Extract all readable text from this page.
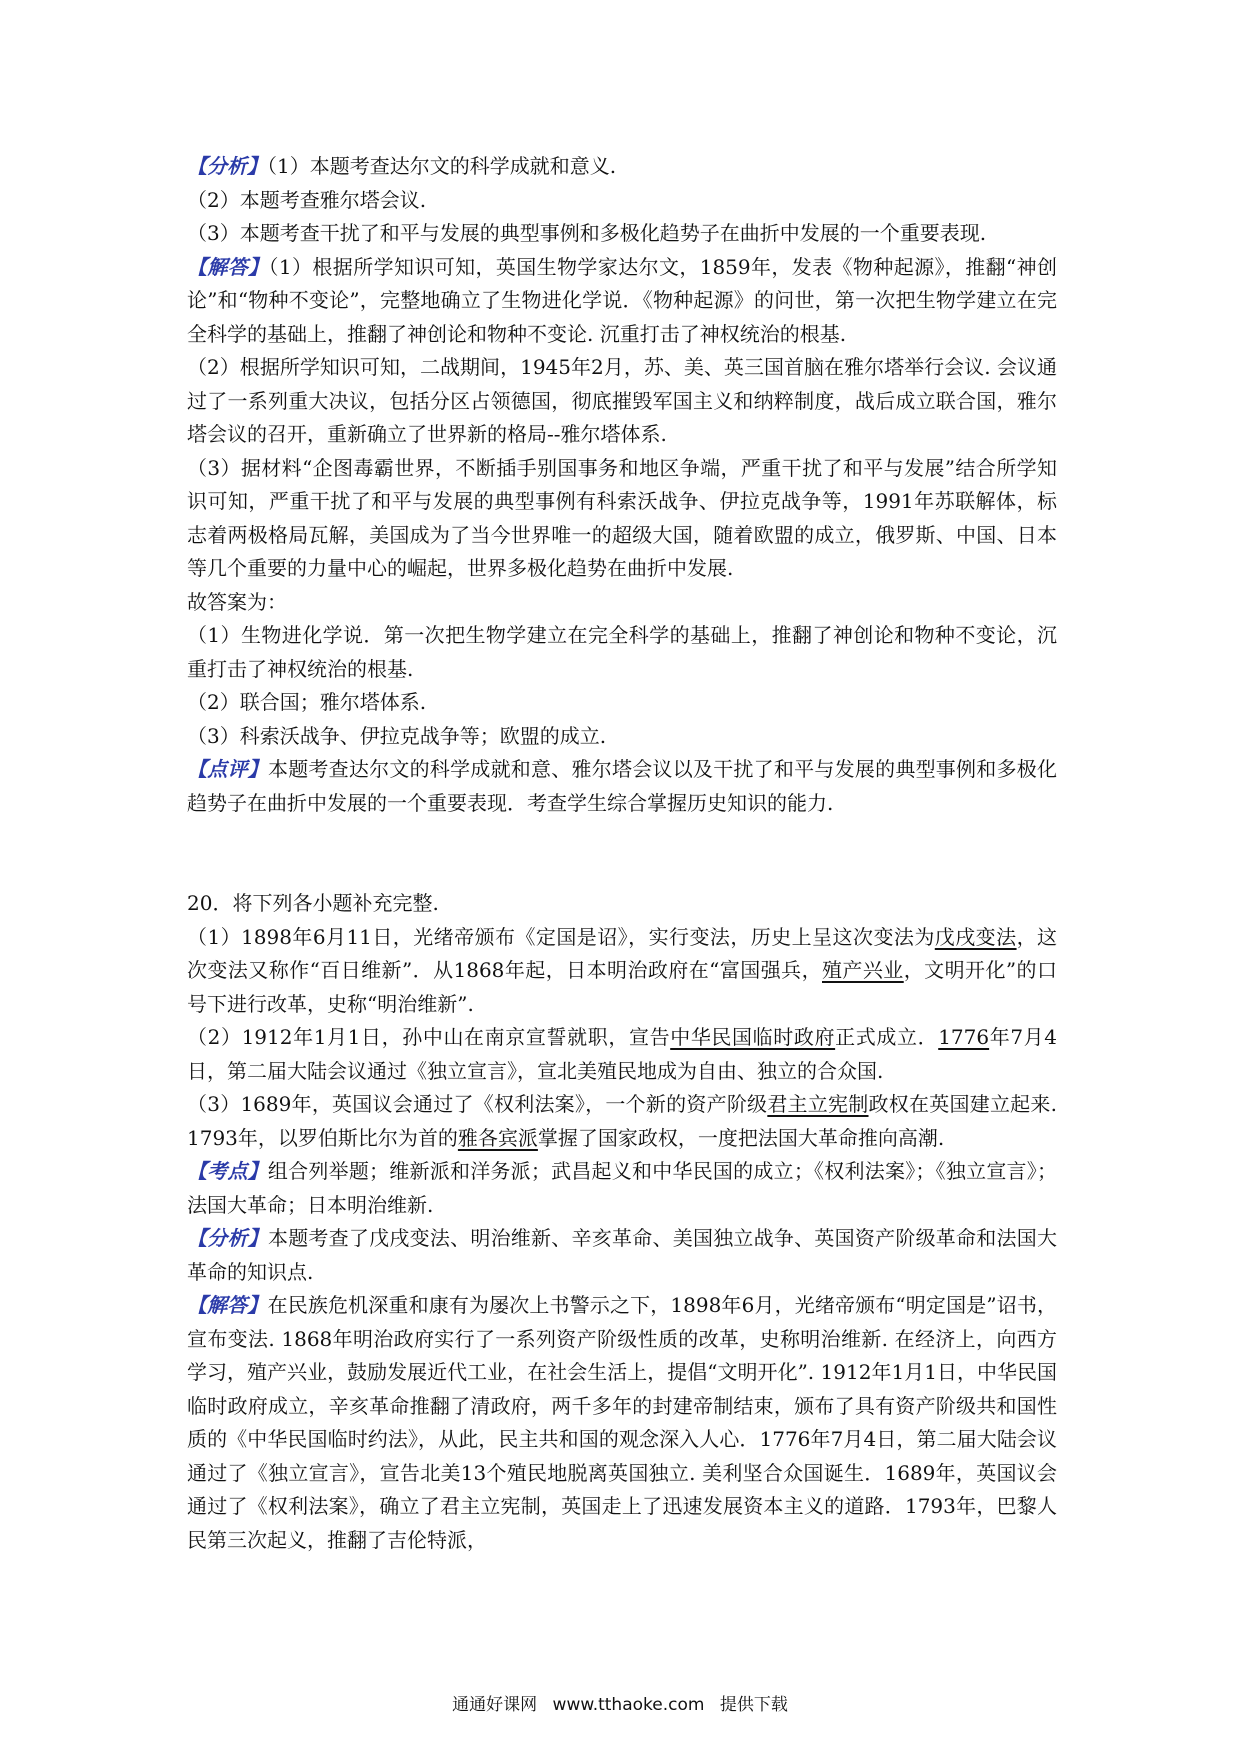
【分析】（1）本题考查达尔文的科学成就和意义.

（2）本题考查雅尔塔会议.

（3）本题考查干扰了和平与发展的典型事例和多极化趋势子在曲折中发展的一个重要表现.

【解答】（1）根据所学知识可知，英国生物学家达尔文，1859年，发表《物种起源》，推翻“神创论”和“物种不变论”，完整地确立了生物进化学说．《物种起源》的问世，第一次把生物学建立在完全科学的基础上，推翻了神创论和物种不变论. 沉重打击了神权统治的根基.

（2）根据所学知识可知，二战期间，1945年2月，苏、美、英三国首脑在雅尔塔举行会议. 会议通过了一系列重大决议，包括分区占领德国，彻底摧毁军国主义和纳粹制度，战后成立联合国，雅尔塔会议的召开，重新确立了世界新的格局--雅尔塔体系.

（3）据材料“企图毒霸世界，不断插手别国事务和地区争端，严重干扰了和平与发展”结合所学知识可知，严重干扰了和平与发展的典型事例有科索沃战争、伊拉克战争等，1991年苏联解体，标志着两极格局瓦解，美国成为了当今世界唯一的超级大国，随着欧盟的成立，俄罗斯、中国、日本等几个重要的力量中心的崛起，世界多极化趋势在曲折中发展.

故答案为：

（1）生物进化学说．第一次把生物学建立在完全科学的基础上，推翻了神创论和物种不变论，沉重打击了神权统治的根基.

（2）联合国；雅尔塔体系.

（3）科索沃战争、伊拉克战争等；欧盟的成立.

【点评】本题考查达尔文的科学成就和意、雅尔塔会议以及干扰了和平与发展的典型事例和多极化趋势子在曲折中发展的一个重要表现．考查学生综合掌握历史知识的能力.

20．将下列各小题补充完整.

（1）1898年6月11日，光绪帝颁布《定国是诏》，实行变法，历史上呈这次变法为戊戌变法，这次变法又称作“百日维新”．从1868年起，日本明治政府在“富国强兵，殖产兴业，文明开化”的口号下进行改革，史称“明治维新”.

（2）1912年1月1日，孙中山在南京宣誓就职，宣告中华民国临时政府正式成立．1776年7月4日，第二届大陆会议通过《独立宣言》，宣北美殖民地成为自由、独立的合众国.

（3）1689年，英国议会通过了《权利法案》，一个新的资产阶级君主立宪制政权在英国建立起来. 1793年，以罗伯斯比尔为首的雅各宾派掌握了国家政权，一度把法国大革命推向高潮.

【考点】组合列举题；维新派和洋务派；武昌起义和中华民国的成立；《权利法案》；《独立宣言》；法国大革命；日本明治维新.

【分析】本题考查了戊戌变法、明治维新、辛亥革命、美国独立战争、英国资产阶级革命和法国大革命的知识点.

【解答】在民族危机深重和康有为屡次上书警示之下，1898年6月，光绪帝颁布“明定国是”诏书，宣布变法. 1868年明治政府实行了一系列资产阶级性质的改革，史称明治维新. 在经济上，向西方学习，殖产兴业，鼓励发展近代工业，在社会生活上，提倡“文明开化”. 1912年1月1日，中华民国临时政府成立，辛亥革命推翻了清政府，两千多年的封建帝制结束，颁布了具有资产阶级共和国性质的《中华民国临时约法》，从此，民主共和国的观念深入人心．1776年7月4日，第二届大陆会议通过了《独立宣言》，宣告北美13个殖民地脱离英国独立. 美利坚合众国诞生．1689年，英国议会通过了《权利法案》，确立了君主立宪制，英国走上了迅速发展资本主义的道路．1793年，巴黎人民第三次起义，推翻了吉伦特派，

通通好课网 www.tthaoke.com 提供下载
